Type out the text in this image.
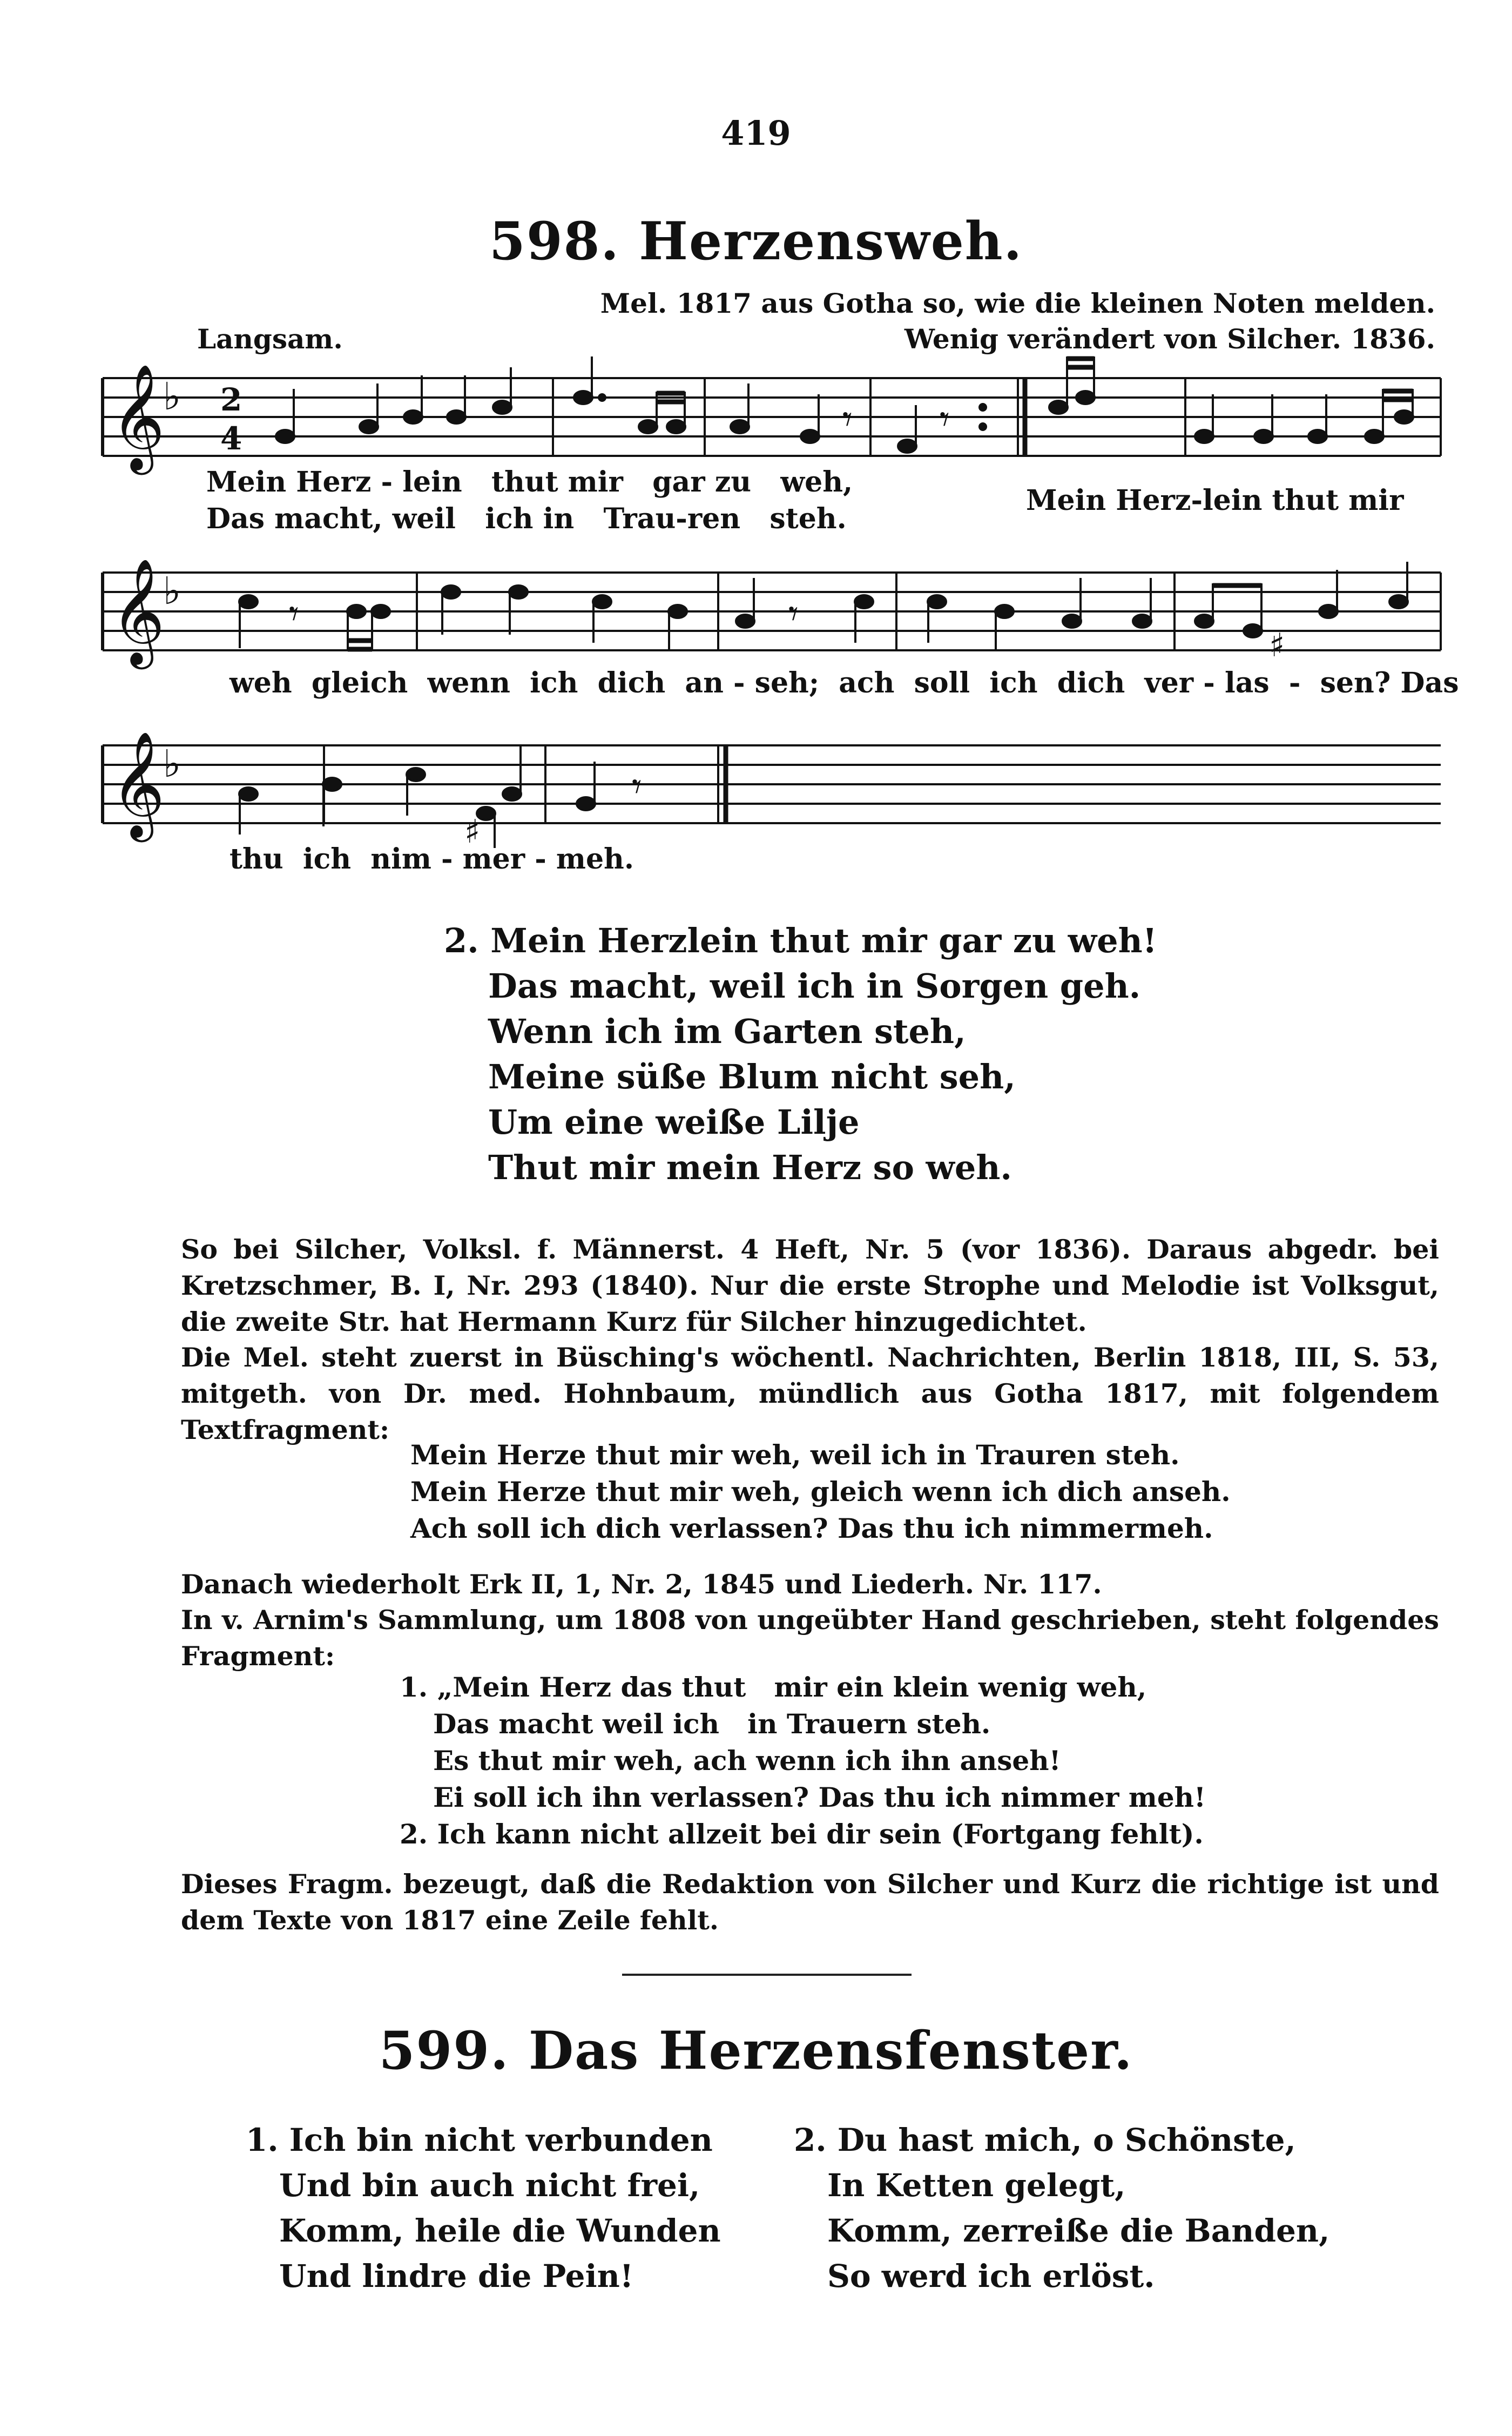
419
598. Herzensweh.
Mel. 1817 aus Gotha so, wie die kleinen Noten melden.
Wenig verändert von Silcher. 1836.
Langsam.
𝄞
♭ 2
4	𝄾 𝄾
Mein Herz - lein   thut mir   gar zu   weh,
Das macht, weil   ich in   Trau-ren   steh.
Mein Herz-lein thut mir
𝄞
♭
𝄾	𝄾
♯
weh  gleich  wenn  ich  dich  an - seh;  ach  soll  ich  dich  ver - las  -  sen? Das
𝄞
♭
♯
𝄾
thu  ich  nim - mer - meh.
2. Mein Herzlein thut mir gar zu weh!
Das macht, weil ich in Sorgen geh.
Wenn ich im Garten steh,
Meine süße Blum nicht seh,
Um eine weiße Lilje
Thut mir mein Herz so weh.
So bei Silcher, Volksl. f. Männerst. 4 Heft, Nr. 5 (vor 1836). Daraus abgedr. bei Kretzschmer, B. I, Nr. 293 (1840). Nur die erste Strophe und Melodie ist Volksgut, die zweite Str. hat Hermann Kurz für Silcher hinzugedichtet.
Die Mel. steht zuerst in Büsching's wöchentl. Nachrichten, Berlin 1818, III, S. 53, mitgeth. von Dr. med. Hohnbaum, mündlich aus Gotha 1817, mit folgendem Textfragment:
Mein Herze thut mir weh, weil ich in Trauren steh.
Mein Herze thut mir weh, gleich wenn ich dich anseh.
Ach soll ich dich verlassen? Das thu ich nimmermeh.
Danach wiederholt Erk II, 1, Nr. 2, 1845 und Liederh. Nr. 117.
In v. Arnim's Sammlung, um 1808 von ungeübter Hand geschrieben, steht folgendes Fragment:
1. „Mein Herz das thut   mir ein klein wenig weh,
Das macht weil ich   in Trauern steh.
Es thut mir weh, ach wenn ich ihn anseh!
Ei soll ich ihn verlassen? Das thu ich nimmer meh!
2. Ich kann nicht allzeit bei dir sein (Fortgang fehlt).
Dieses Fragm. bezeugt, daß die Redaktion von Silcher und Kurz die richtige ist und dem Texte von 1817 eine Zeile fehlt.
599. Das Herzensfenster.
1. Ich bin nicht verbunden
Und bin auch nicht frei,
Komm, heile die Wunden
Und lindre die Pein!
2. Du hast mich, o Schönste,
In Ketten gelegt,
Komm, zerreiße die Banden,
So werd ich erlöst.
